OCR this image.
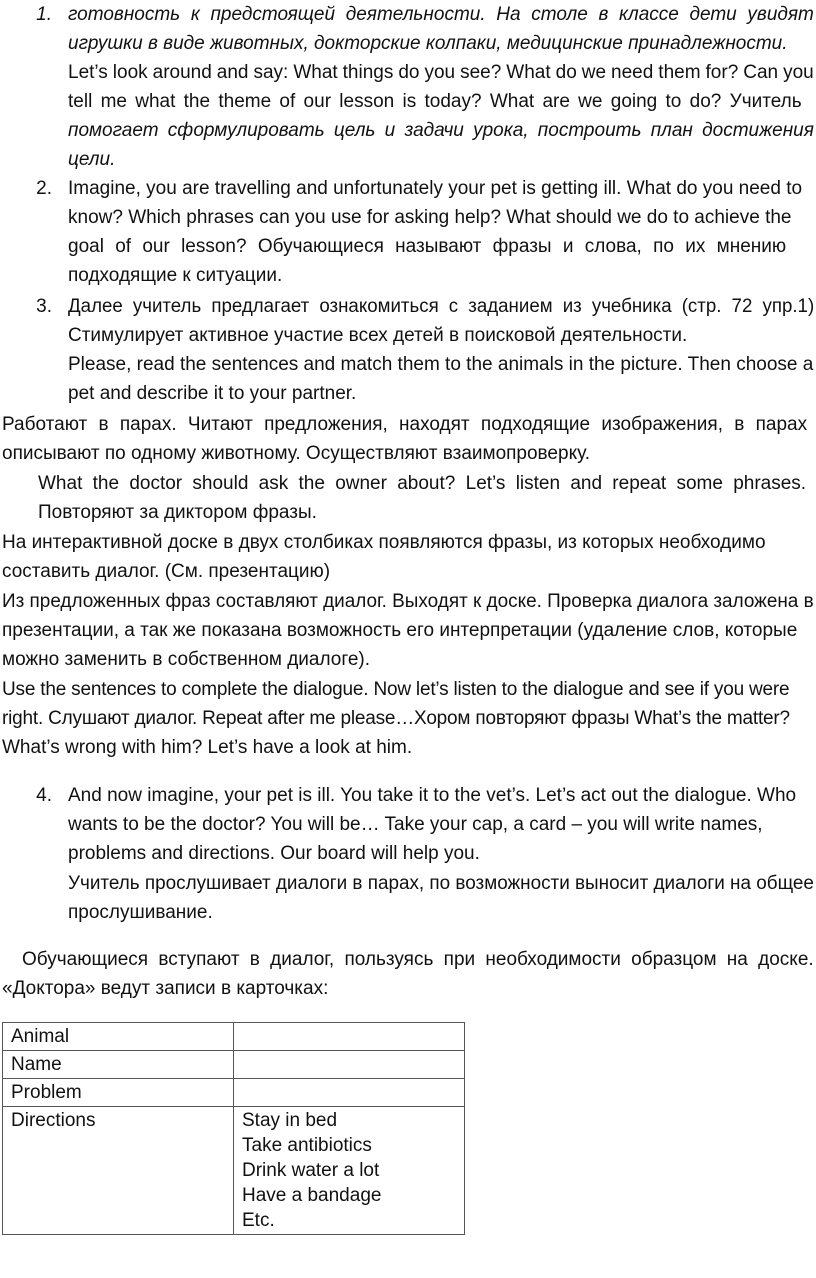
1. готовность к предстоящей деятельности. На столе в классе дети увидят
игрушки в виде животных, докторские колпаки, медицинские принадлежности.
Let’s look around and say: What things do you see? What do we need them for? Can you
tell me what the theme of our lesson is today? What are we going to do? Учитель
помогает сформулировать цель и задачи урока, построить план достижения
цели.
2. Imagine, you are travelling and unfortunately your pet is getting ill. What do you need to
know? Which phrases can you use for asking help? What should we do to achieve the
goal of our lesson? Обучающиеся называют фразы и слова, по их мнению
подходящие к ситуации.
3. Далее учитель предлагает ознакомиться с заданием из учебника (стр. 72 упр.1)
Стимулирует активное участие всех детей в поисковой деятельности.
Please, read the sentences and match them to the animals in the picture. Then choose a
pet and describe it to your partner.
Работают в парах. Читают предложения, находят подходящие изображения, в парах
описывают по одному животному. Осуществляют взаимопроверку.
What the doctor should ask the owner about? Let’s listen and repeat some phrases.
Повторяют за диктором фразы.
На интерактивной доске в двух столбиках появляются фразы, из которых необходимо
составить диалог. (См. презентацию)
Из предложенных фраз составляют диалог. Выходят к доске. Проверка диалога заложена в
презентации, а так же показана возможность его интерпретации (удаление слов, которые
можно заменить в собственном диалоге).
Use the sentences to complete the dialogue. Now let’s listen to the dialogue and see if you were
right. Слушают диалог. Repeat after me please…Хором повторяют фразы What’s the matter?
What’s wrong with him? Let’s have a look at him.
4. And now imagine, your pet is ill. You take it to the vet’s. Let’s act out the dialogue. Who
wants to be the doctor? You will be… Take your cap, a card – you will write names,
problems and directions. Our board will help you.
Учитель прослушивает диалоги в парах, по возможности выносит диалоги на общее
прослушивание.
Обучающиеся вступают в диалог, пользуясь при необходимости образцом на доске.
«Доктора» ведут записи в карточках:
Animal	
Name	
Problem	
Directions	Stay in bed
Take antibiotics
Drink water a lot
Have a bandage
Etc.
